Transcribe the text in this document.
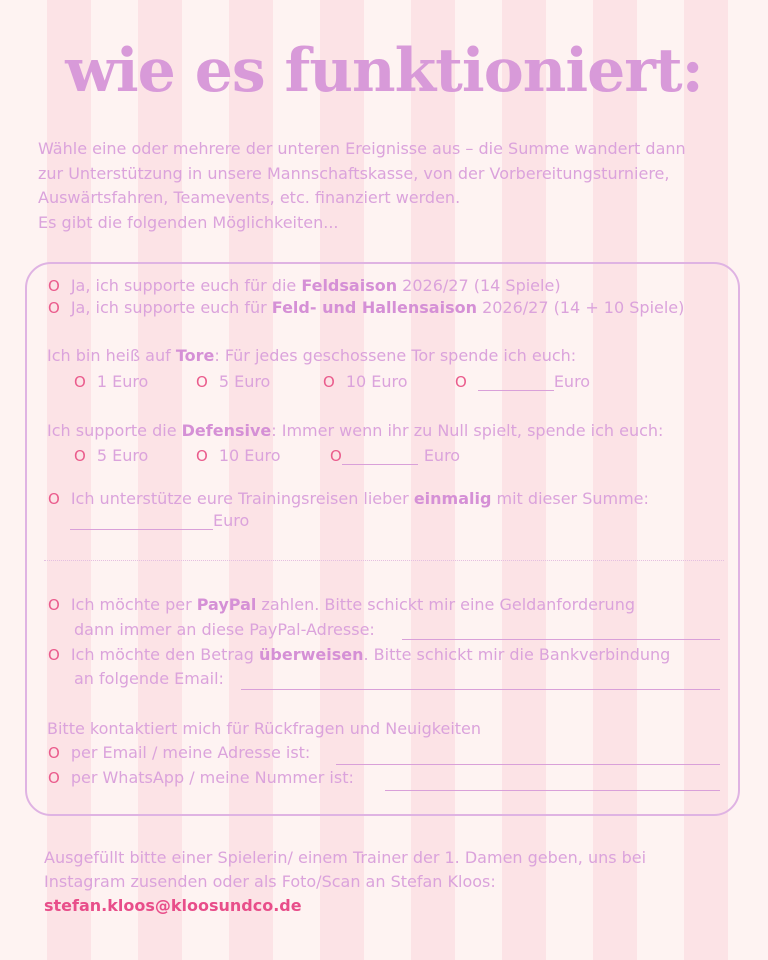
wie es funktioniert:
Wähle eine oder mehrere der unteren Ereignisse aus – die Summe wandert dann
zur Unterstützung in unsere Mannschaftskasse, von der Vorbereitungsturniere,
Auswärtsfahren, Teamevents, etc. finanziert werden.
Es gibt die folgenden Möglichkeiten...
O Ja, ich supporte euch für die Feldsaison 2026/27 (14 Spiele)
O Ja, ich supporte euch für Feld- und Hallensaison 2026/27 (14 + 10 Spiele)
Ich bin heiß auf Tore: Für jedes geschossene Tor spende ich euch:
O 1 Euro	O 5 Euro	O 10 Euro	O	Euro
Ich supporte die Defensive: Immer wenn ihr zu Null spielt, spende ich euch:
O 5 Euro	O 10 Euro	O	Euro
O Ich unterstütze eure Trainingsreisen lieber einmalig mit dieser Summe:
Euro
O Ich möchte per PayPal zahlen. Bitte schickt mir eine Geldanforderung
dann immer an diese PayPal-Adresse:
O Ich möchte den Betrag überweisen. Bitte schickt mir die Bankverbindung
an folgende Email:
Bitte kontaktiert mich für Rückfragen und Neuigkeiten
O per Email / meine Adresse ist:
O per WhatsApp / meine Nummer ist:
Ausgefüllt bitte einer Spielerin/ einem Trainer der 1. Damen geben, uns bei
Instagram zusenden oder als Foto/Scan an Stefan Kloos:
stefan.kloos@kloosundco.de
